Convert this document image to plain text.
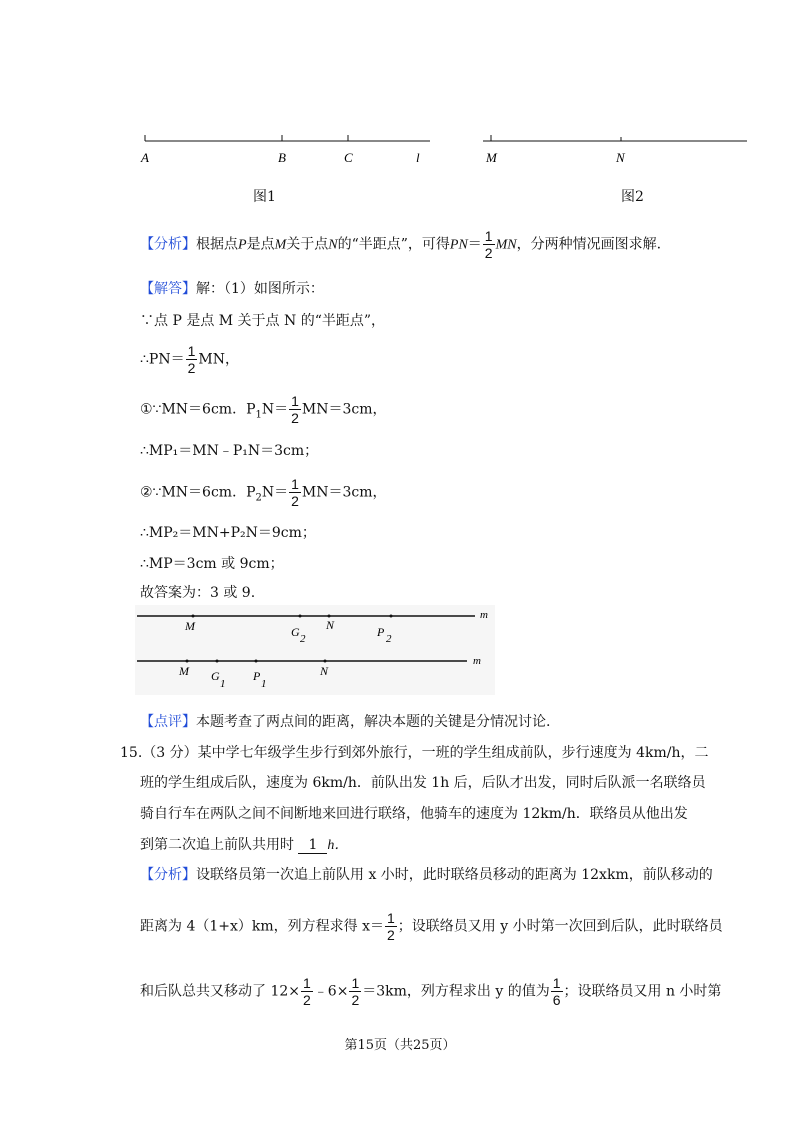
A	B	C	l
图1
M	N
图2
【分析】根据点P是点M关于点N的“半距点”，可得$PN= \frac{1}{2}$ MN，分两种情况画图求解.
【解答】解：（1）如图所示：
∵点 P 是点 M 关于点 N 的“半距点”，
∴PN＝ $\frac{1}{2}$ MN，
①∵MN＝6cm．$P_1N= \frac{1}{2} MN=3cm$，
∴MP₁＝MN﹣P₁N＝3cm；
②∵MN＝6cm．$P_2N= \frac{1}{2} MN=3cm$，
∴MP₂＝MN+P₂N＝9cm；
∴MP＝3cm 或 9cm；
故答案为：3 或 9.
M	G 2
N	P 2
m
M G
1
P
1
N
m
【点评】本题考查了两点间的距离，解决本题的关键是分情况讨论.
15.（3 分）某中学七年级学生步行到郊外旅行，一班的学生组成前队，步行速度为 4km/h，二
班的学生组成后队，速度为 6km/h．前队出发 1h 后，后队才出发，同时后队派一名联络员
骑自行车在两队之间不间断地来回进行联络，他骑车的速度为 12km/h．联络员从他出发
到第二次追上前队共用时 1 h．
【分析】设联络员第一次追上前队用 x 小时，此时联络员移动的距离为 12xkm，前队移动的
距离为 4（1+x）km，列方程求得 $x= \frac{1}{2}$ ；设联络员又用 y 小时第一次回到后队，此时联络员
和后队总共又移动了 $12\times \frac{1}{2}$ ﹣6× $\frac{1}{2} =3km$，列方程求出 y 的值为 $\frac{1}{6}$ ；设联络员又用 n 小时第
第15页（共25页）
